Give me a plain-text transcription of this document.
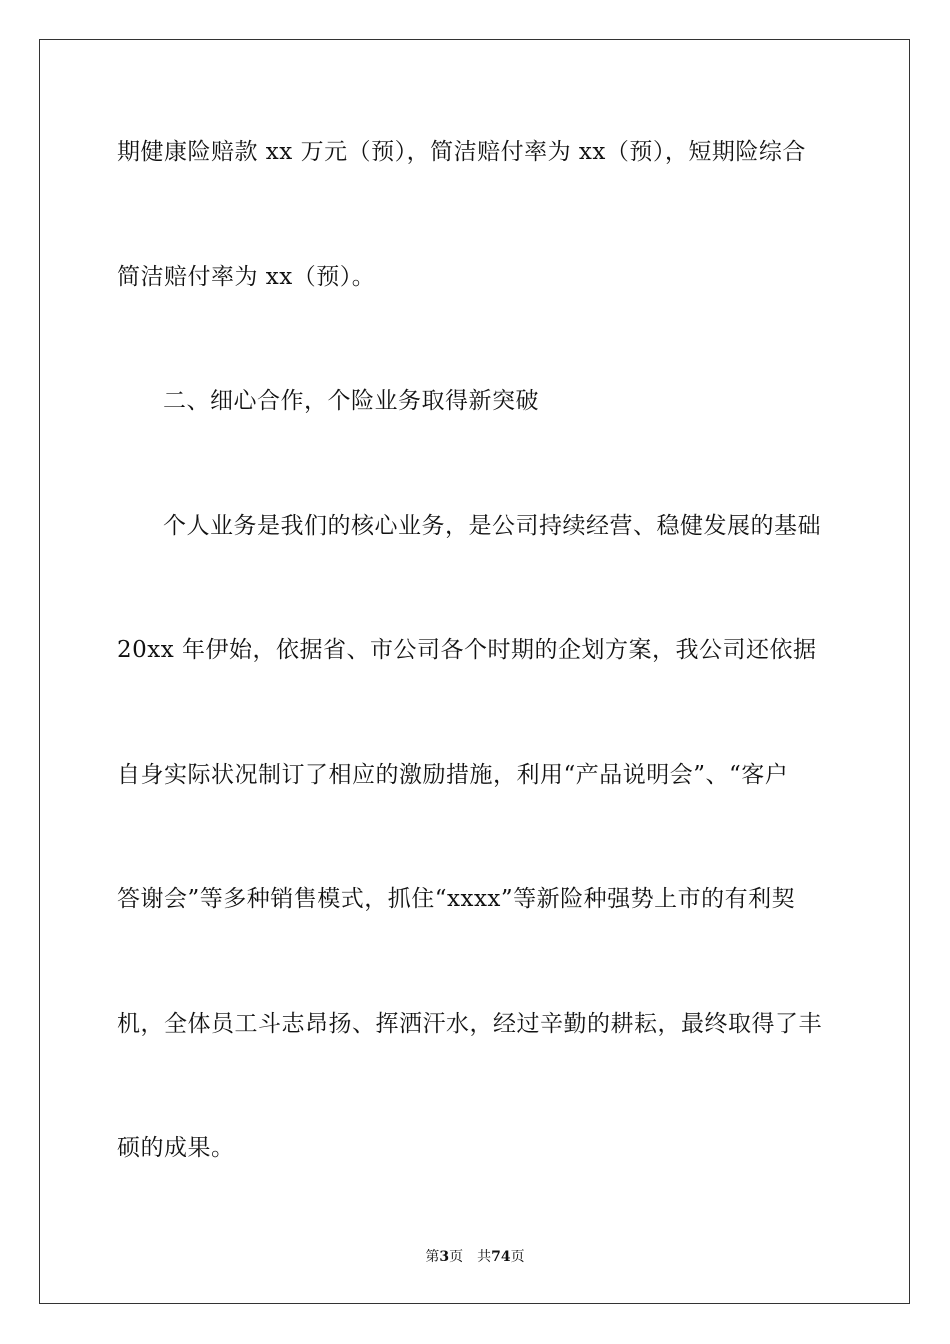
期健康险赔款 xx 万元（预），简洁赔付率为 xx（预），短期险综合
简洁赔付率为 xx（预）。
二、细心合作，个险业务取得新突破
个人业务是我们的核心业务，是公司持续经营、稳健发展的基础
20xx 年伊始，依据省、市公司各个时期的企划方案，我公司还依据
自身实际状况制订了相应的激励措施，利用“产品说明会”、“客户
答谢会”等多种销售模式，抓住“xxxx”等新险种强势上市的有利契
机，全体员工斗志昂扬、挥洒汗水，经过辛勤的耕耘，最终取得了丰
硕的成果。
第3页 共74页
